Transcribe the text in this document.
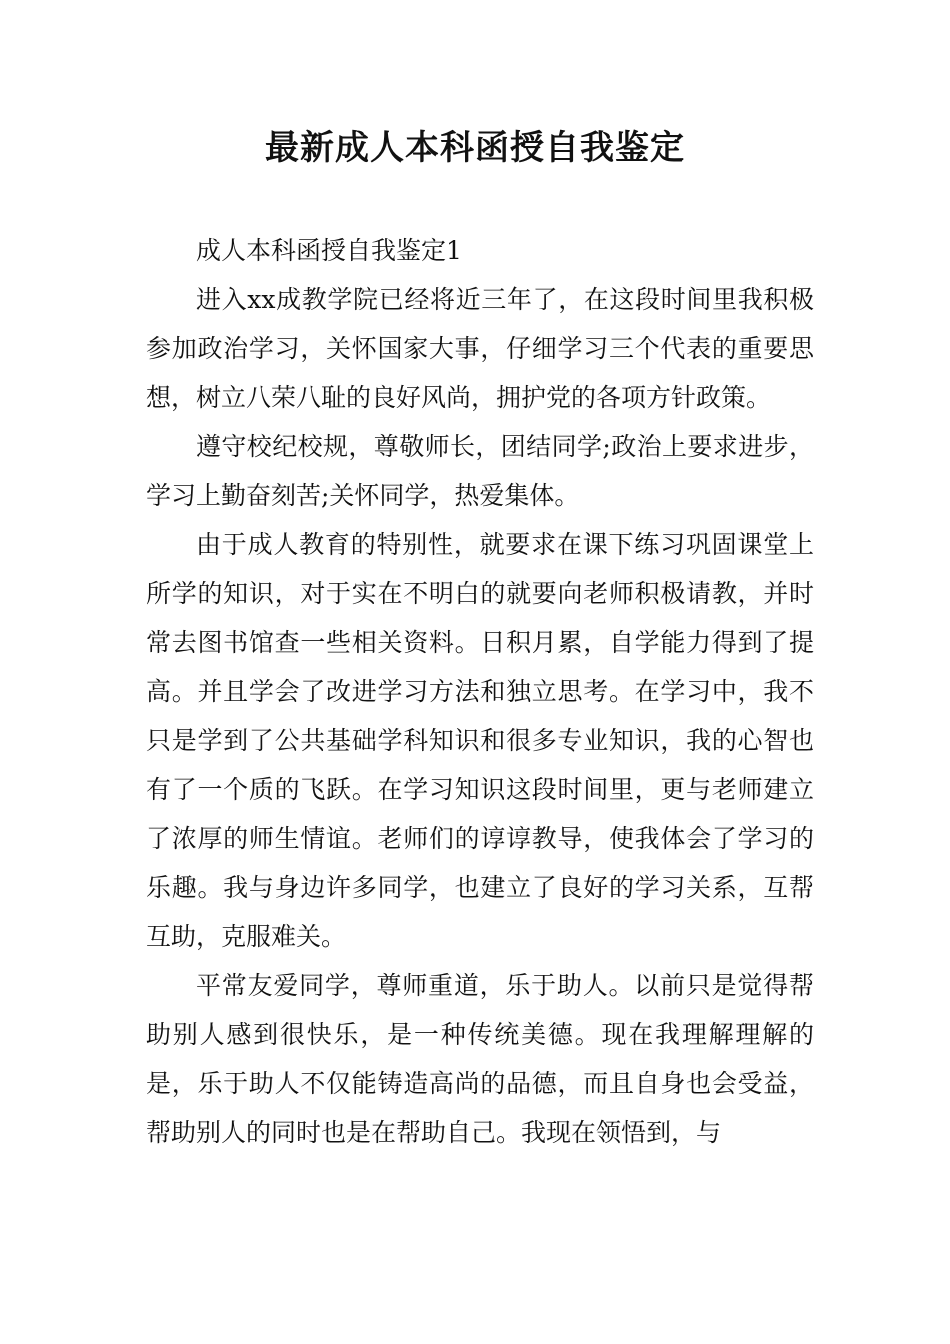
最新成人本科函授自我鉴定

成人本科函授自我鉴定1

进入xx成教学院已经将近三年了，在这段时间里我积极参加政治学习，关怀国家大事，仔细学习三个代表的重要思想，树立八荣八耻的良好风尚，拥护党的各项方针政策。

遵守校纪校规，尊敬师长，团结同学;政治上要求进步，学习上勤奋刻苦;关怀同学，热爱集体。

由于成人教育的特别性，就要求在课下练习巩固课堂上所学的知识，对于实在不明白的就要向老师积极请教，并时常去图书馆查一些相关资料。日积月累，自学能力得到了提高。并且学会了改进学习方法和独立思考。在学习中，我不只是学到了公共基础学科知识和很多专业知识，我的心智也有了一个质的飞跃。在学习知识这段时间里，更与老师建立了浓厚的师生情谊。老师们的谆谆教导，使我体会了学习的乐趣。我与身边许多同学，也建立了良好的学习关系，互帮互助，克服难关。

平常友爱同学，尊师重道，乐于助人。以前只是觉得帮助别人感到很快乐，是一种传统美德。现在我理解理解的是，乐于助人不仅能铸造高尚的品德，而且自身也会受益，帮助别人的同时也是在帮助自己。我现在领悟到，与
